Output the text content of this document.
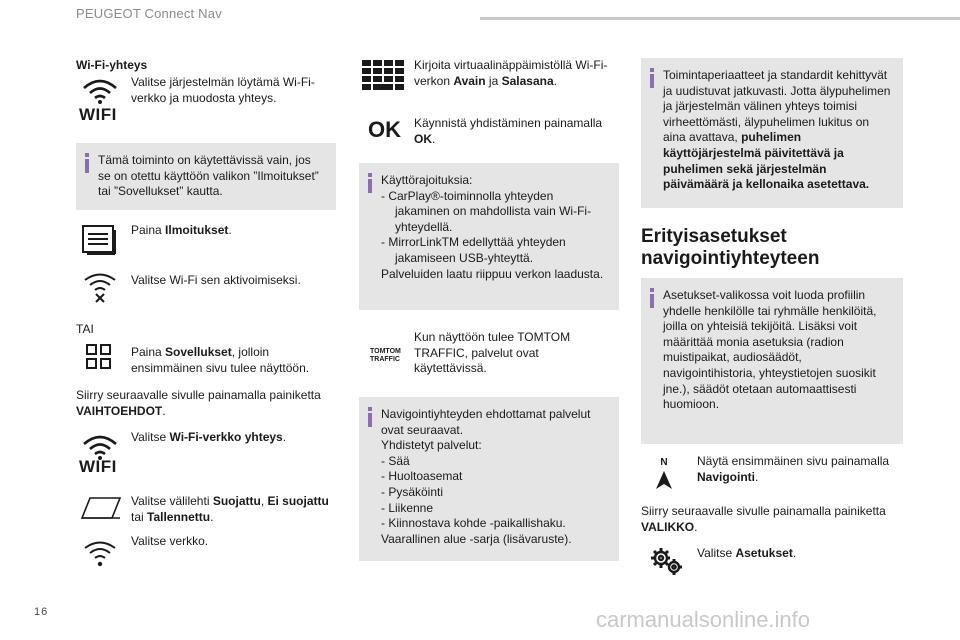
PEUGEOT Connect Nav
Wi-Fi-yhteys
WIFI
Valitse järjestelmän löytämä Wi-Fi-verkko ja muodosta yhteys.
Tämä toiminto on käytettävissä vain, jos se on otettu käyttöön valikon ”Ilmoitukset” tai ”Sovellukset” kautta.
Paina Ilmoitukset.
Valitse Wi-Fi sen aktivoimiseksi.
TAI
Paina Sovellukset, jolloin ensimmäinen sivu tulee näyttöön.
Siirry seuraavalle sivulle painamalla painiketta VAIHTOEHDOT.
WIFI
Valitse Wi-Fi-verkko yhteys.
Valitse välilehti Suojattu, Ei suojattu tai Tallennettu.
Valitse verkko.
Kirjoita virtuaalinäppäimistöllä Wi-Fi-verkon Avain ja Salasana.
OK Käynnistä yhdistäminen painamalla OK.
Käyttörajoituksia:
- CarPlay®-toiminnolla yhteyden jakaminen on mahdollista vain Wi-Fi-yhteydellä.
- MirrorLinkTM edellyttää yhteyden jakamiseen USB-yhteyttä.
Palveluiden laatu riippuu verkon laadusta.
TOMTOM TRAFFIC
Kun näyttöön tulee TOMTOM TRAFFIC, palvelut ovat käytettävissä.
Navigointiyhteyden ehdottamat palvelut ovat seuraavat.
Yhdistetyt palvelut:
- Sää
- Huoltoasemat
- Pysäköinti
- Liikenne
- Kiinnostava kohde -paikallishaku.
Vaarallinen alue -sarja (lisävaruste).
Toimintaperiaatteet ja standardit kehittyvät ja uudistuvat jatkuvasti. Jotta älypuhelimen ja järjestelmän välinen yhteys toimisi virheettömästi, älypuhelimen lukitus on aina avattava, puhelimen käyttöjärjestelmä päivitettävä ja puhelimen sekä järjestelmän päivämäärä ja kellonaika asetettava.
Erityisasetukset navigointiyhteyteen
Asetukset-valikossa voit luoda profiilin yhdelle henkilölle tai ryhmälle henkilöitä, joilla on yhteisiä tekijöitä. Lisäksi voit määrittää monia asetuksia (radion muistipaikat, audiosäädöt, navigointihistoria, yhteystietojen suosikit jne.), säädöt otetaan automaattisesti huomioon.
N	Näytä ensimmäinen sivu painamalla Navigointi.
Siirry seuraavalle sivulle painamalla painiketta VALIKKO.
Valitse Asetukset.
16	carmanualsonline.info
